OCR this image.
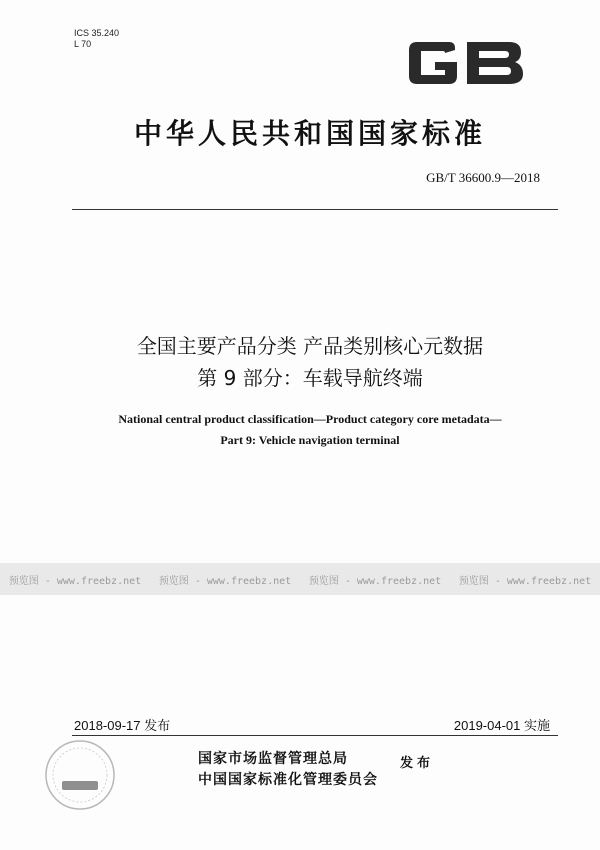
ICS 35.240
L 70
中华人民共和国国家标准
GB/T 36600.9—2018
全国主要产品分类 产品类别核心元数据
第 9 部分：车载导航终端
National central product classification—Product category core metadata—
Part 9: Vehicle navigation terminal
预览图 - www.freebz.net	预览图 - www.freebz.net	预览图 - www.freebz.net	预览图 - www.freebz.net
2018-09-17 发布	2019-04-01 实施
国家市场监督管理总局
中国国家标准化管理委员会
发布
